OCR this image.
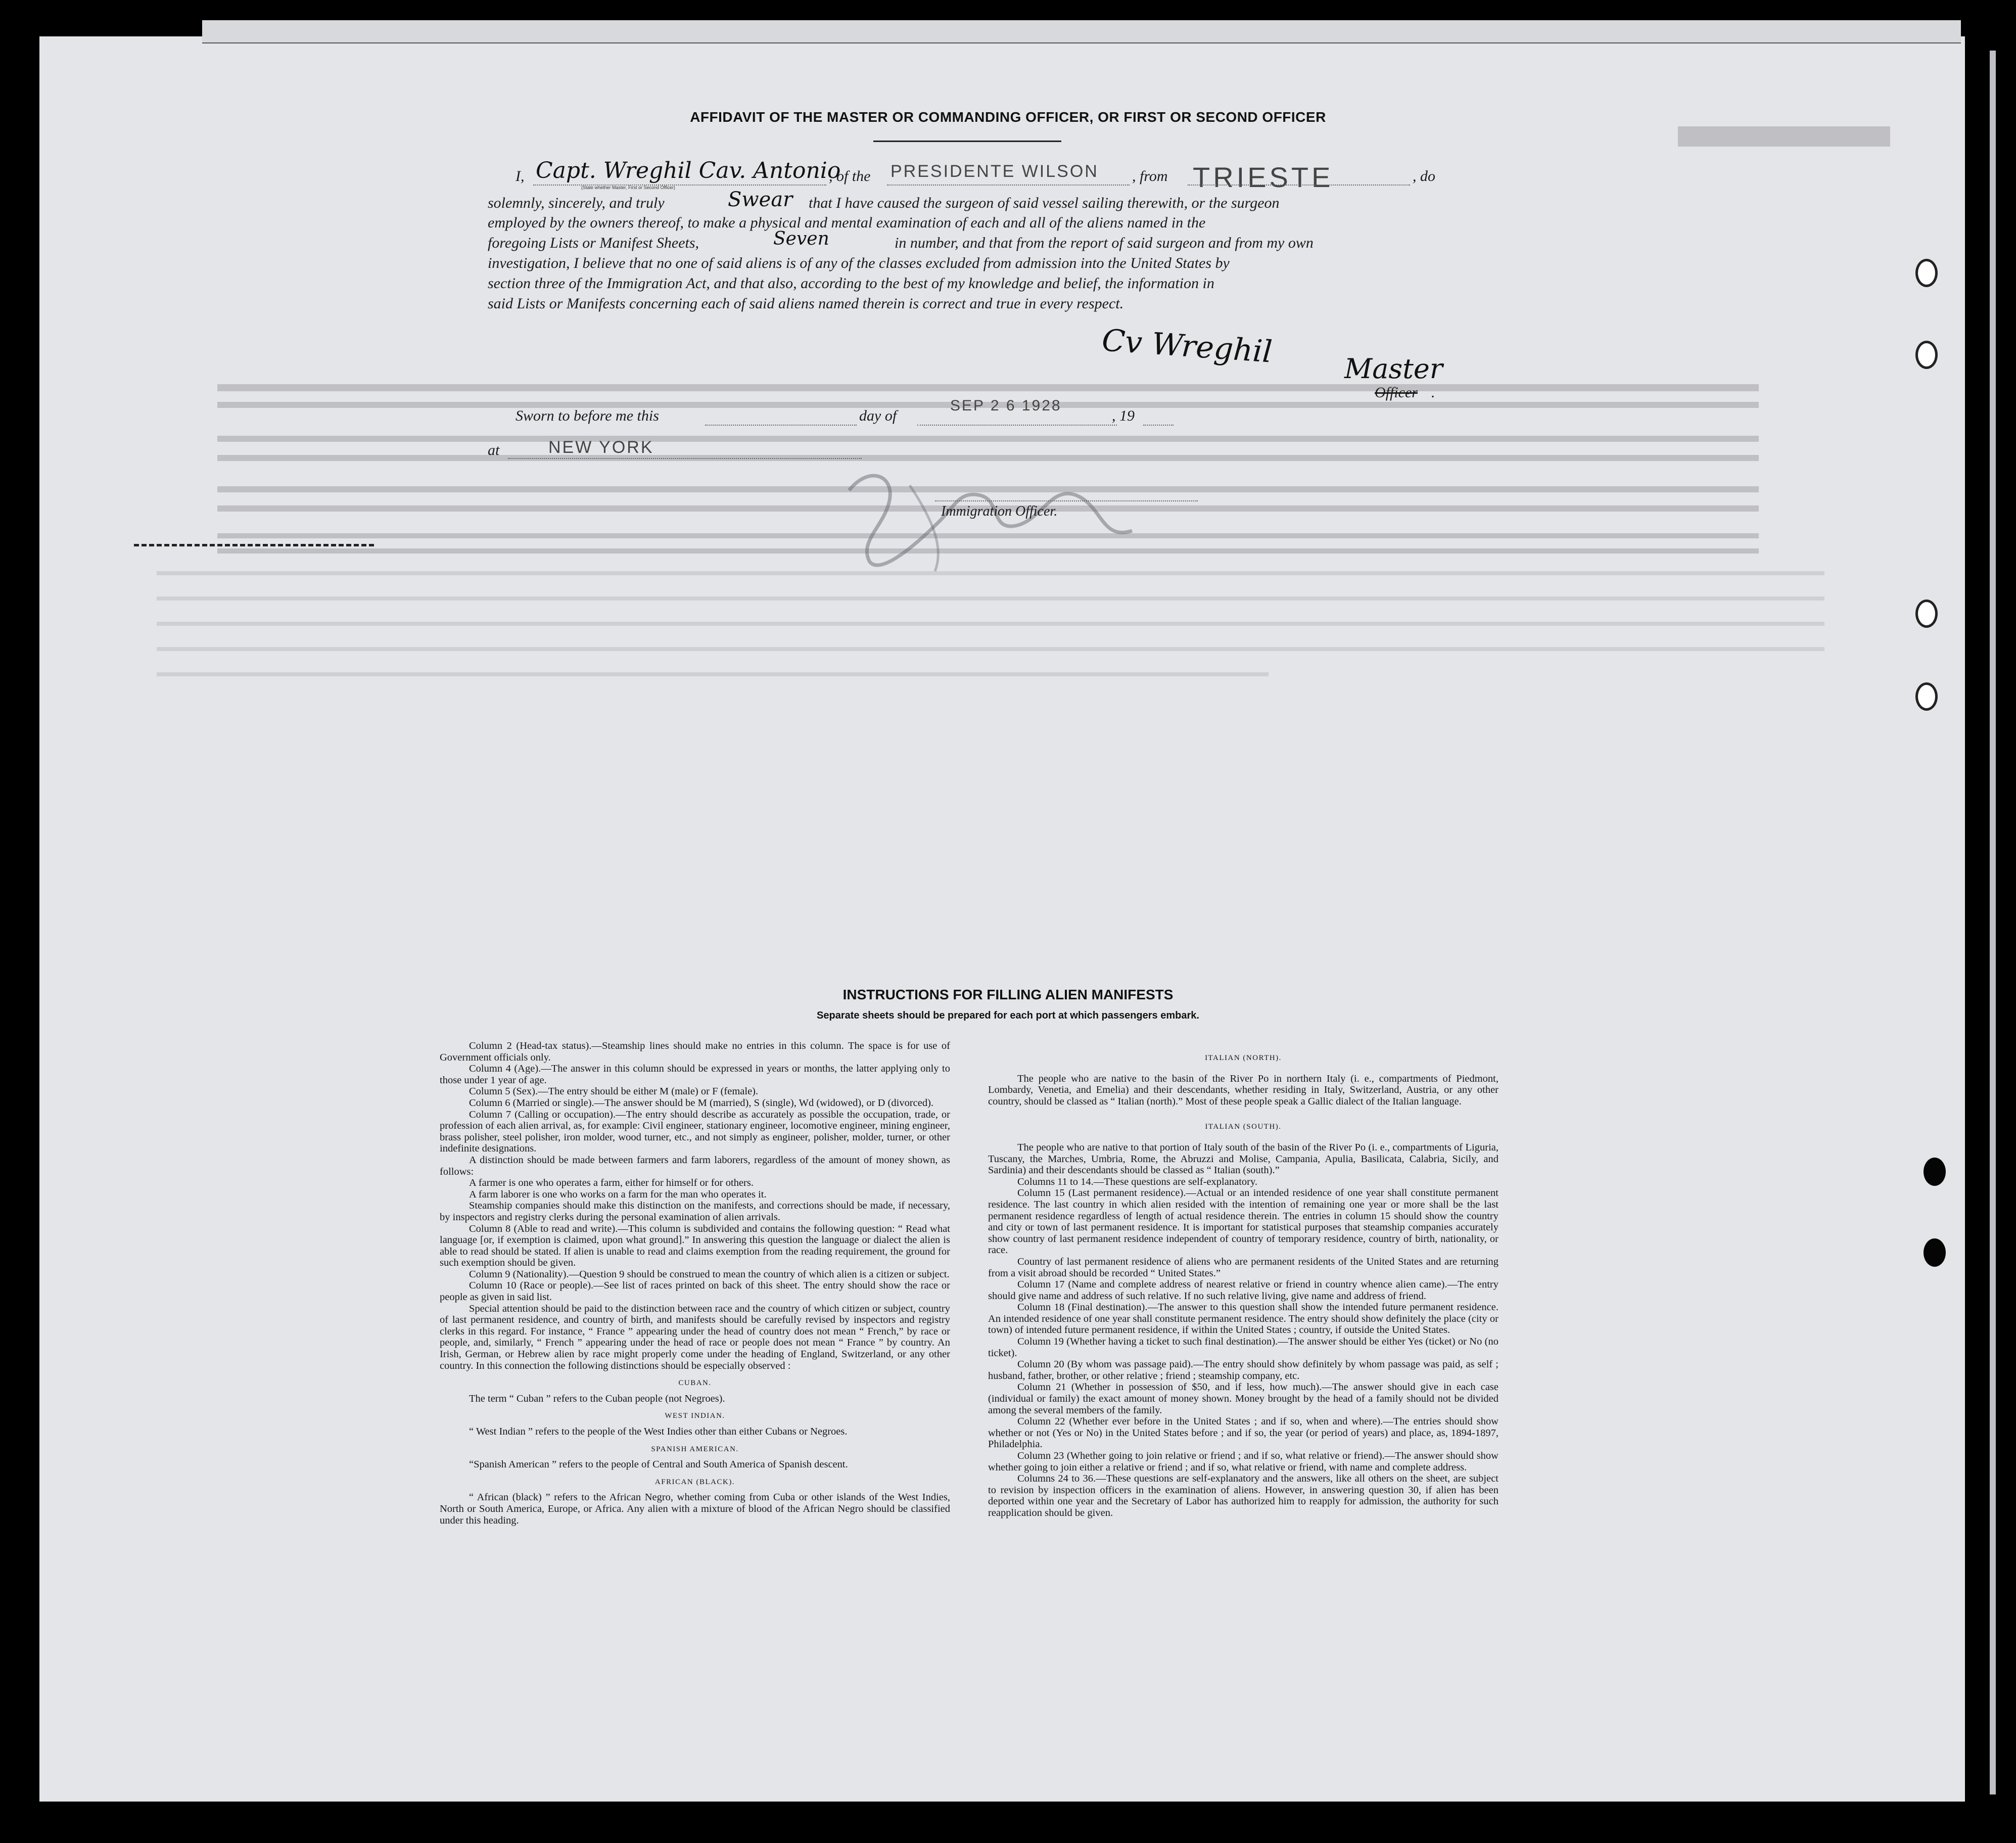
AFFIDAVIT OF THE MASTER OR COMMANDING OFFICER, OR FIRST OR SECOND OFFICER
I, Capt. Wreghil Cav. Antonio
(State whether Master, First or Second Officer)
, of the PRESIDENTE WILSON , from TRIESTE	, do
solemnly, sincerely, and truly	Swear that I have caused the surgeon of said vessel sailing therewith, or the surgeon
employed by the owners thereof, to make a physical and mental examination of each and all of the aliens named in the
foregoing Lists or Manifest Sheets,	Seven	in number, and that from the report of said surgeon and from my own
investigation, I believe that no one of said aliens is of any of the classes excluded from admission into the United States by
section three of the Immigration Act, and that also, according to the best of my knowledge and belief, the information in
said Lists or Manifests concerning each of said aliens named therein is correct and true in every respect.
Cv Wreghil	Master
Officer .
Sworn to before me this	day of
SEP 2 6 1928
, 19
at	NEW YORK
Immigration Officer.
INSTRUCTIONS FOR FILLING ALIEN MANIFESTS
Separate sheets should be prepared for each port at which passengers embark.

Column 2 (Head-tax status).—Steamship lines should make no entries in this column. The space is for use of Government officials only.

Column 4 (Age).—The answer in this column should be expressed in years or months, the latter applying only to those under 1 year of age.

Column 5 (Sex).—The entry should be either M (male) or F (female).

Column 6 (Married or single).—The answer should be M (married), S (single), Wd (widowed), or D (divorced).

Column 7 (Calling or occupation).—The entry should describe as accurately as possible the occupation, trade, or profession of each alien arrival, as, for example: Civil engineer, stationary engineer, locomotive engineer, mining engineer, brass polisher, steel polisher, iron molder, wood turner, etc., and not simply as engineer, polisher, molder, turner, or other indefinite designations.

A distinction should be made between farmers and farm laborers, regardless of the amount of money shown, as follows:

A farmer is one who operates a farm, either for himself or for others.

A farm laborer is one who works on a farm for the man who operates it.

Steamship companies should make this distinction on the manifests, and corrections should be made, if necessary, by inspectors and registry clerks during the personal examination of alien arrivals.

Column 8 (Able to read and write).—This column is subdivided and contains the following question: “ Read what language [or, if exemption is claimed, upon what ground].” In answering this question the language or dialect the alien is able to read should be stated. If alien is unable to read and claims exemption from the reading requirement, the ground for such exemption should be given.

Column 9 (Nationality).—Question 9 should be construed to mean the country of which alien is a citizen or subject.

Column 10 (Race or people).—See list of races printed on back of this sheet. The entry should show the race or people as given in said list.

Special attention should be paid to the distinction between race and the country of which citizen or subject, country of last permanent residence, and country of birth, and manifests should be carefully revised by inspectors and registry clerks in this regard. For instance, “ France ” appearing under the head of country does not mean “ French,” by race or people, and, similarly, “ French ” appearing under the head of race or people does not mean “ France ” by country. An Irish, German, or Hebrew alien by race might properly come under the heading of England, Switzerland, or any other country. In this connection the following distinctions should be especially observed :

CUBAN.

The term “ Cuban ” refers to the Cuban people (not Negroes).

WEST INDIAN.

“ West Indian ” refers to the people of the West Indies other than either Cubans or Negroes.

SPANISH AMERICAN.

“Spanish American ” refers to the people of Central and South America of Spanish descent.

AFRICAN (BLACK).

“ African (black) ” refers to the African Negro, whether coming from Cuba or other islands of the West Indies, North or South America, Europe, or Africa. Any alien with a mixture of blood of the African Negro should be classified under this heading.

ITALIAN (NORTH).

The people who are native to the basin of the River Po in northern Italy (i. e., compartments of Piedmont, Lombardy, Venetia, and Emelia) and their descendants, whether residing in Italy, Switzerland, Austria, or any other country, should be classed as “ Italian (north).” Most of these people speak a Gallic dialect of the Italian language.

ITALIAN (SOUTH).

The people who are native to that portion of Italy south of the basin of the River Po (i. e., compartments of Liguria, Tuscany, the Marches, Umbria, Rome, the Abruzzi and Molise, Campania, Apulia, Basilicata, Calabria, Sicily, and Sardinia) and their descendants should be classed as “ Italian (south).”

Columns 11 to 14.—These questions are self-explanatory.

Column 15 (Last permanent residence).—Actual or an intended residence of one year shall constitute permanent residence. The last country in which alien resided with the intention of remaining one year or more shall be the last permanent residence regardless of length of actual residence therein. The entries in column 15 should show the country and city or town of last permanent residence. It is important for statistical purposes that steamship companies accurately show country of last permanent residence independent of country of temporary residence, country of birth, nationality, or race.

Country of last permanent residence of aliens who are permanent residents of the United States and are returning from a visit abroad should be recorded “ United States.”

Column 17 (Name and complete address of nearest relative or friend in country whence alien came).—The entry should give name and address of such relative. If no such relative living, give name and address of friend.

Column 18 (Final destination).—The answer to this question shall show the intended future permanent residence. An intended residence of one year shall constitute permanent residence. The entry should show definitely the place (city or town) of intended future permanent residence, if within the United States ; country, if outside the United States.

Column 19 (Whether having a ticket to such final destination).—The answer should be either Yes (ticket) or No (no ticket).

Column 20 (By whom was passage paid).—The entry should show definitely by whom passage was paid, as self ; husband, father, brother, or other relative ; friend ; steamship company, etc.

Column 21 (Whether in possession of $50, and if less, how much).—The answer should give in each case (individual or family) the exact amount of money shown. Money brought by the head of a family should not be divided among the several members of the family.

Column 22 (Whether ever before in the United States ; and if so, when and where).—The entries should show whether or not (Yes or No) in the United States before ; and if so, the year (or period of years) and place, as, 1894-1897, Philadelphia.

Column 23 (Whether going to join relative or friend ; and if so, what relative or friend).—The answer should show whether going to join either a relative or friend ; and if so, what relative or friend, with name and complete address.

Columns 24 to 36.—These questions are self-explanatory and the answers, like all others on the sheet, are subject to revision by inspection officers in the examination of aliens. However, in answering question 30, if alien has been deported within one year and the Secretary of Labor has authorized him to reapply for admission, the authority for such reapplication should be given.
